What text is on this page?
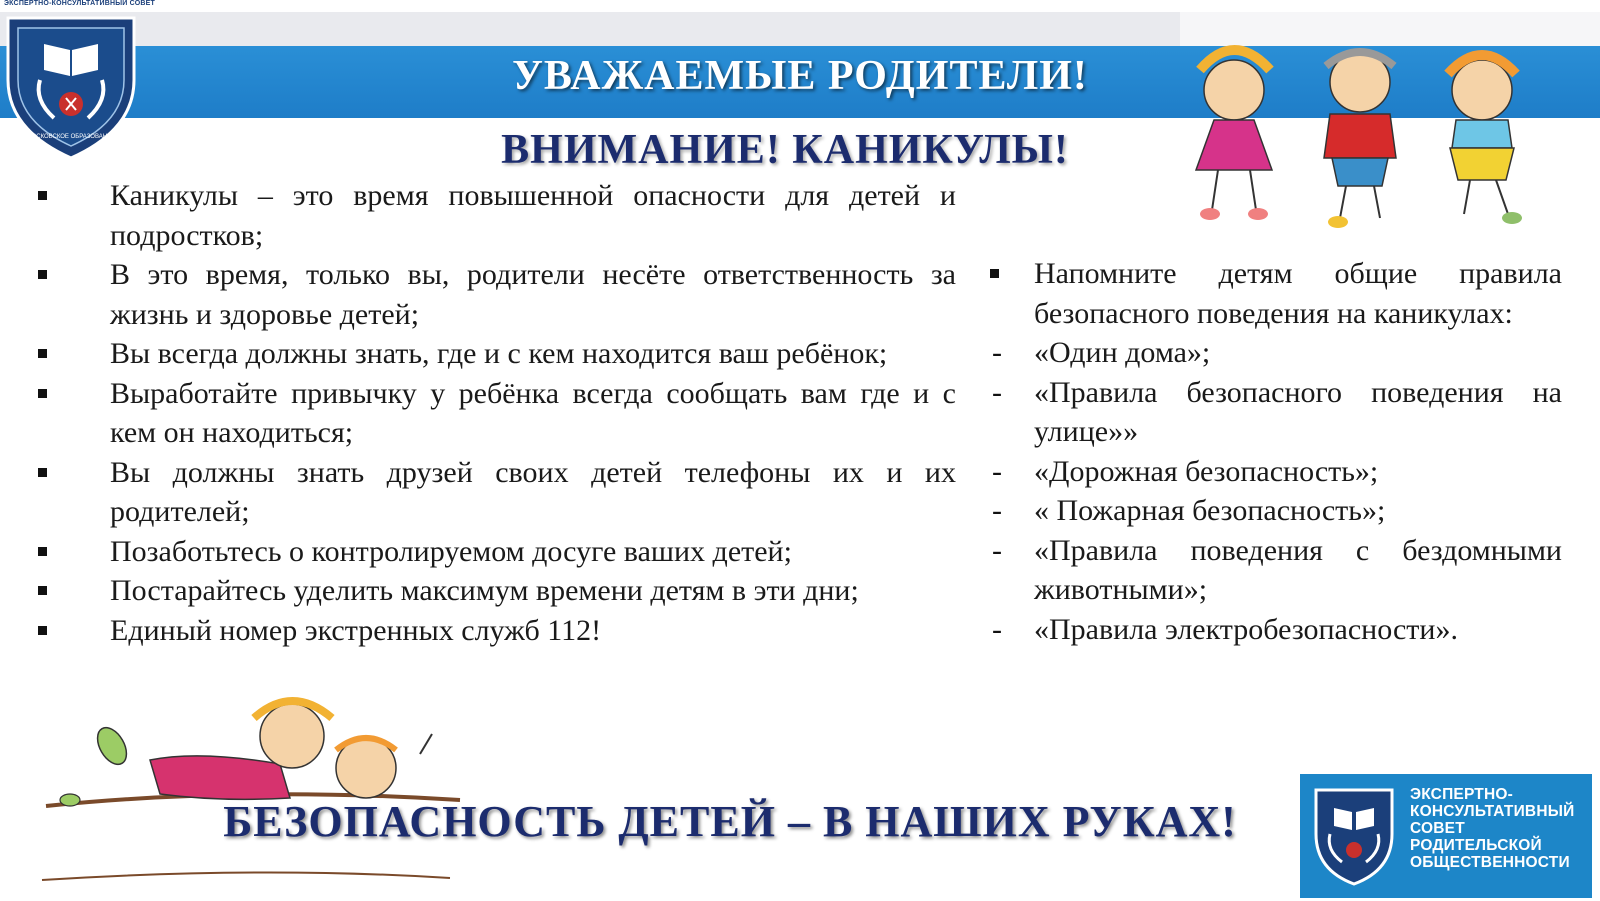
ЭКСПЕРТНО-КОНСУЛЬТАТИВНЫЙ СОВЕТ
МОСКОВСКОЕ ОБРАЗОВАНИЕ
УВАЖАЕМЫЕ РОДИТЕЛИ!
ВНИМАНИЕ! КАНИКУЛЫ!
Каникулы – это время повышенной опасности для детей и подростков;
В это время, только вы, родители несёте ответственность за жизнь и здоровье детей;
Вы всегда должны знать, где и с кем находится ваш ребёнок;
Выработайте привычку у ребёнка всегда сообщать вам где и с кем он находиться;
Вы должны знать друзей своих детей телефоны их и их родителей;
Позаботьтесь о контролируемом досуге ваших детей;
Постарайтесь уделить максимум времени детям в эти дни;
Единый номер экстренных служб 112!
Напомните детям общие правила безопасного поведения на каникулах:
- «Один дома»;
- «Правила безопасного поведения на улице»»
- «Дорожная безопасность»;
- « Пожарная безопасность»;
- «Правила поведения с бездомными животными»;
- «Правила электробезопасности».
БЕЗОПАСНОСТЬ ДЕТЕЙ – В НАШИХ РУКАХ!
ЭКСПЕРТНО-
КОНСУЛЬТАТИВНЫЙ
СОВЕТ
РОДИТЕЛЬСКОЙ
ОБЩЕСТВЕННОСТИ
